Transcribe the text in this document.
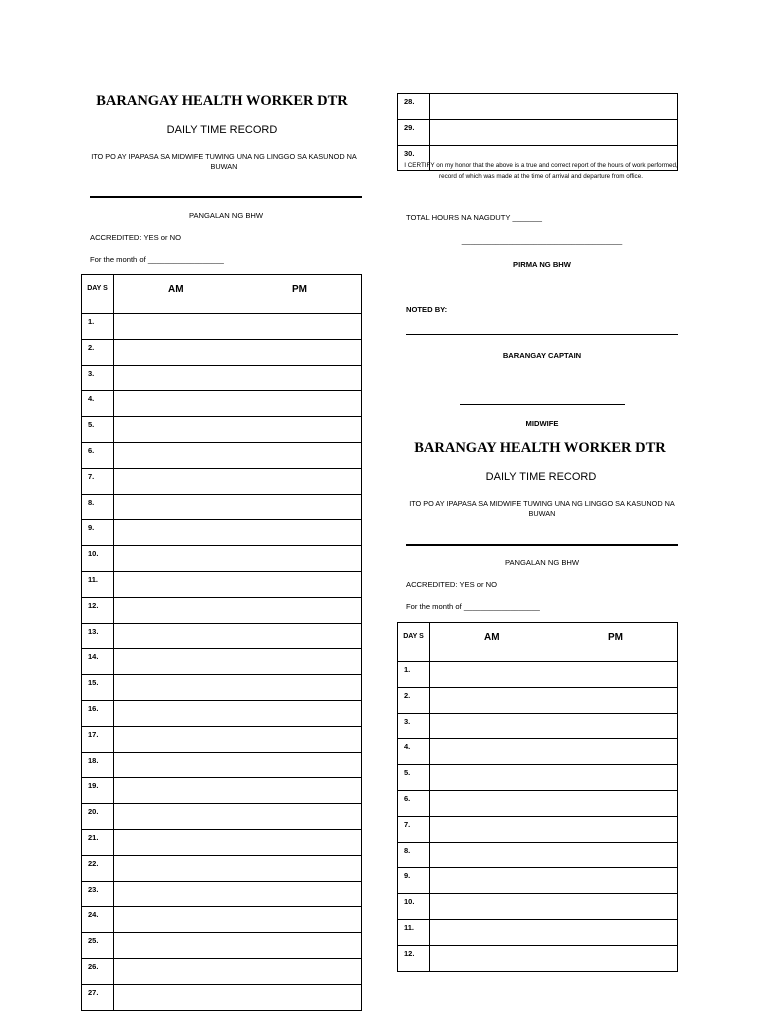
BARANGAY HEALTH WORKER DTR
DAILY TIME RECORD
ITO PO AY IPAPASA SA MIDWIFE TUWING UNA NG LINGGO SA KASUNOD NA BUWAN
PANGALAN NG BHW
ACCREDITED: YES or NO
For the month of __________________
DAY S	AM PM

1.	
2.	
3.	
4.	
5.	
6.	
7.	
8.	
9.	
10.	
11.	
12.	
13.	
14.	
15.	
16.	
17.	
18.	
19.	
20.	
21.	
22.	
23.	
24.	
25.	
26.	
27.	
28.	
29.	
30.	
I CERTIFY on my honor that the above is a true and correct report of the hours of work performed, record of which was made at the time of arrival and departure from office.
TOTAL HOURS NA NAGDUTY _______
______________________________________
PIRMA NG BHW
NOTED BY:
BARANGAY CAPTAIN
MIDWIFE
BARANGAY HEALTH WORKER DTR
DAILY TIME RECORD
ITO PO AY IPAPASA SA MIDWIFE TUWING UNA NG LINGGO SA KASUNOD NA BUWAN
PANGALAN NG BHW
ACCREDITED: YES or NO
For the month of __________________
DAY S	AM PM

1.	
2.	
3.	
4.	
5.	
6.	
7.	
8.	
9.	
10.	
11.	
12.	
